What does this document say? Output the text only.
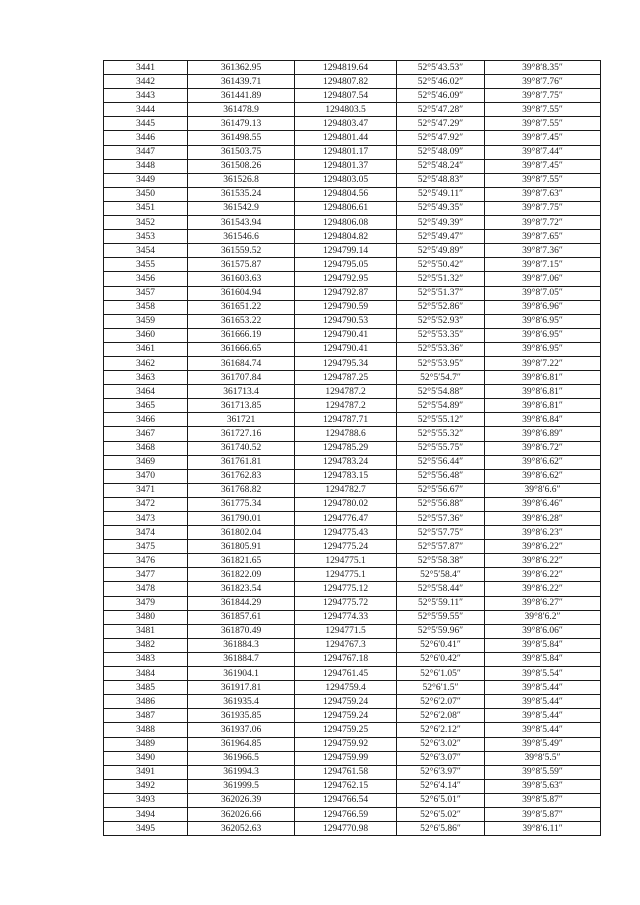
3441	361362.95	1294819.64	52°5′43.53″	39°8′8.35″
3442	361439.71	1294807.82	52°5′46.02″	39°8′7.76″
3443	361441.89	1294807.54	52°5′46.09″	39°8′7.75″
3444	361478.9	1294803.5	52°5′47.28″	39°8′7.55″
3445	361479.13	1294803.47	52°5′47.29″	39°8′7.55″
3446	361498.55	1294801.44	52°5′47.92″	39°8′7.45″
3447	361503.75	1294801.17	52°5′48.09″	39°8′7.44″
3448	361508.26	1294801.37	52°5′48.24″	39°8′7.45″
3449	361526.8	1294803.05	52°5′48.83″	39°8′7.55″
3450	361535.24	1294804.56	52°5′49.11″	39°8′7.63″
3451	361542.9	1294806.61	52°5′49.35″	39°8′7.75″
3452	361543.94	1294806.08	52°5′49.39″	39°8′7.72″
3453	361546.6	1294804.82	52°5′49.47″	39°8′7.65″
3454	361559.52	1294799.14	52°5′49.89″	39°8′7.36″
3455	361575.87	1294795.05	52°5′50.42″	39°8′7.15″
3456	361603.63	1294792.95	52°5′51.32″	39°8′7.06″
3457	361604.94	1294792.87	52°5′51.37″	39°8′7.05″
3458	361651.22	1294790.59	52°5′52.86″	39°8′6.96″
3459	361653.22	1294790.53	52°5′52.93″	39°8′6.95″
3460	361666.19	1294790.41	52°5′53.35″	39°8′6.95″
3461	361666.65	1294790.41	52°5′53.36″	39°8′6.95″
3462	361684.74	1294795.34	52°5′53.95″	39°8′7.22″
3463	361707.84	1294787.25	52°5′54.7″	39°8′6.81″
3464	361713.4	1294787.2	52°5′54.88″	39°8′6.81″
3465	361713.85	1294787.2	52°5′54.89″	39°8′6.81″
3466	361721	1294787.71	52°5′55.12″	39°8′6.84″
3467	361727.16	1294788.6	52°5′55.32″	39°8′6.89″
3468	361740.52	1294785.29	52°5′55.75″	39°8′6.72″
3469	361761.81	1294783.24	52°5′56.44″	39°8′6.62″
3470	361762.83	1294783.15	52°5′56.48″	39°8′6.62″
3471	361768.82	1294782.7	52°5′56.67″	39°8′6.6″
3472	361775.34	1294780.02	52°5′56.88″	39°8′6.46″
3473	361790.01	1294776.47	52°5′57.36″	39°8′6.28″
3474	361802.04	1294775.43	52°5′57.75″	39°8′6.23″
3475	361805.91	1294775.24	52°5′57.87″	39°8′6.22″
3476	361821.65	1294775.1	52°5′58.38″	39°8′6.22″
3477	361822.09	1294775.1	52°5′58.4″	39°8′6.22″
3478	361823.54	1294775.12	52°5′58.44″	39°8′6.22″
3479	361844.29	1294775.72	52°5′59.11″	39°8′6.27″
3480	361857.61	1294774.33	52°5′59.55″	39°8′6.2″
3481	361870.49	1294771.5	52°5′59.96″	39°8′6.06″
3482	361884.3	1294767.3	52°6′0.41″	39°8′5.84″
3483	361884.7	1294767.18	52°6′0.42″	39°8′5.84″
3484	361904.1	1294761.45	52°6′1.05″	39°8′5.54″
3485	361917.81	1294759.4	52°6′1.5″	39°8′5.44″
3486	361935.4	1294759.24	52°6′2.07″	39°8′5.44″
3487	361935.85	1294759.24	52°6′2.08″	39°8′5.44″
3488	361937.06	1294759.25	52°6′2.12″	39°8′5.44″
3489	361964.85	1294759.92	52°6′3.02″	39°8′5.49″
3490	361966.5	1294759.99	52°6′3.07″	39°8′5.5″
3491	361994.3	1294761.58	52°6′3.97″	39°8′5.59″
3492	361999.5	1294762.15	52°6′4.14″	39°8′5.63″
3493	362026.39	1294766.54	52°6′5.01″	39°8′5.87″
3494	362026.66	1294766.59	52°6′5.02″	39°8′5.87″
3495	362052.63	1294770.98	52°6′5.86″	39°8′6.11″
